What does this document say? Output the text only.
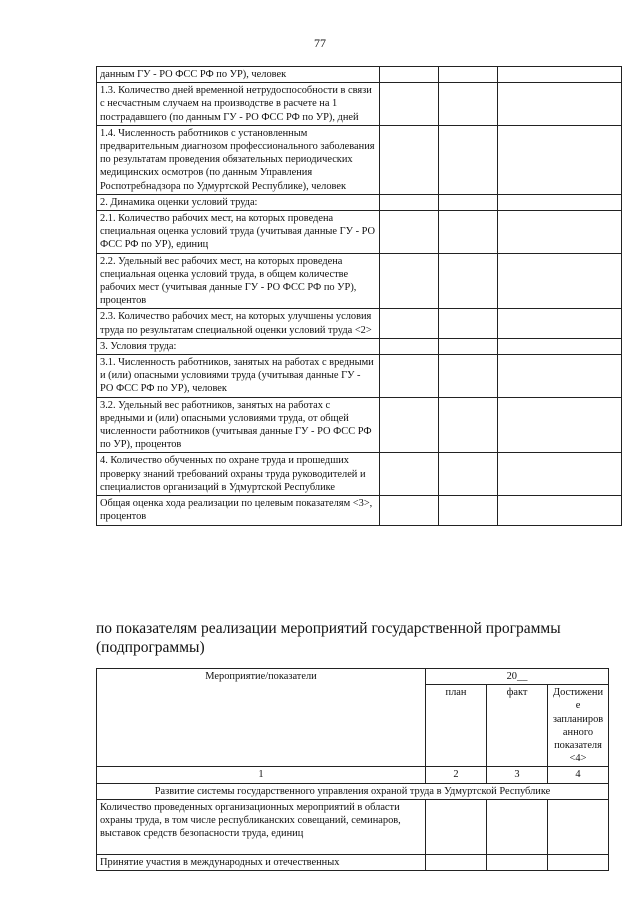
77
данным ГУ - РО ФСС РФ по УР), человек			
1.3. Количество дней временной нетрудоспособности в связи с несчастным случаем на производстве в расчете на 1 пострадавшего (по данным ГУ - РО ФСС РФ по УР), дней			
1.4. Численность работников с установленным предварительным диагнозом профессионального заболевания по результатам проведения обязательных периодических медицинских осмотров (по данным Управления Роспотребнадзора по Удмуртской Республике), человек			
2. Динамика оценки условий труда:			
2.1. Количество рабочих мест, на которых проведена специальная оценка условий труда (учитывая данные ГУ - РО ФСС РФ по УР), единиц			
2.2. Удельный вес рабочих мест, на которых проведена специальная оценка условий труда, в общем количестве рабочих мест (учитывая данные ГУ - РО ФСС РФ по УР), процентов			
2.3. Количество рабочих мест, на которых улучшены условия труда по результатам специальной оценки условий труда <2>			
3. Условия труда:			
3.1. Численность работников, занятых на работах с вредными и (или) опасными условиями труда (учитывая данные ГУ - РО ФСС РФ по УР), человек			
3.2. Удельный вес работников, занятых на работах с вредными и (или) опасными условиями труда, от общей численности работников (учитывая данные ГУ - РО ФСС РФ по УР), процентов			
4. Количество обученных по охране труда и прошедших проверку знаний требований охраны труда руководителей и специалистов организаций в Удмуртской Республике			
Общая оценка хода реализации по целевым показателям <3>, процентов			
по показателям реализации мероприятий государственной программы (подпрограммы)
Мероприятие/показатели	20__		
	план	факт	Достижение запланированного показателя <4>
1	2	3	4
Развитие системы государственного управления охраной труда в Удмуртской Республике			
Количество проведенных организационных мероприятий в области охраны труда, в том числе республиканских совещаний, семинаров, выставок средств безопасности труда, единиц			
Принятие участия в международных и отечественных			
